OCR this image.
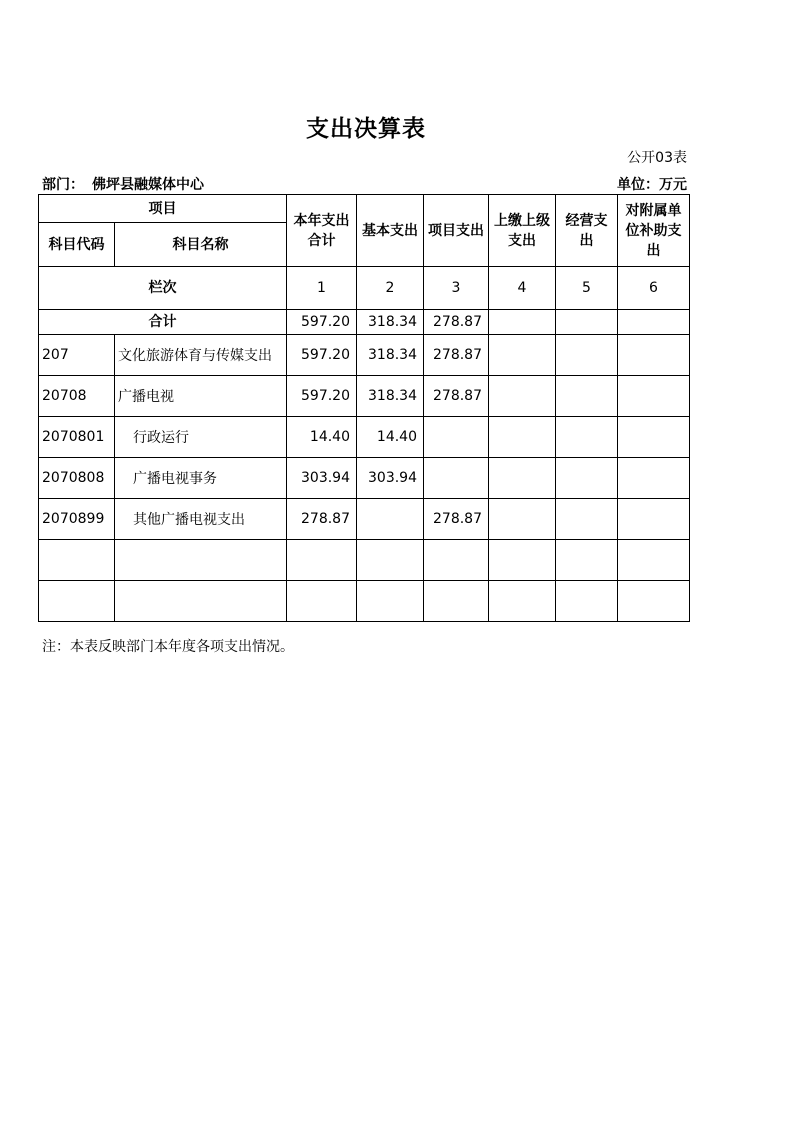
支出决算表
公开03表
部门： 佛坪县融媒体中心	单位：万元
项目		本年支出合计	基本支出	项目支出	上缴上级支出	经营支出	对附属单位补助支出
科目代码	科目名称						
栏次		1	2	3	4	5	6
合计		597.20	318.34	278.87			
207	文化旅游体育与传媒支出	597.20	318.34	278.87			
20708	广播电视	597.20	318.34	278.87			
2070801	行政运行	14.40	14.40				
2070808	广播电视事务	303.94	303.94				
2070899	其他广播电视支出	278.87		278.87			

注：本表反映部门本年度各项支出情况。
